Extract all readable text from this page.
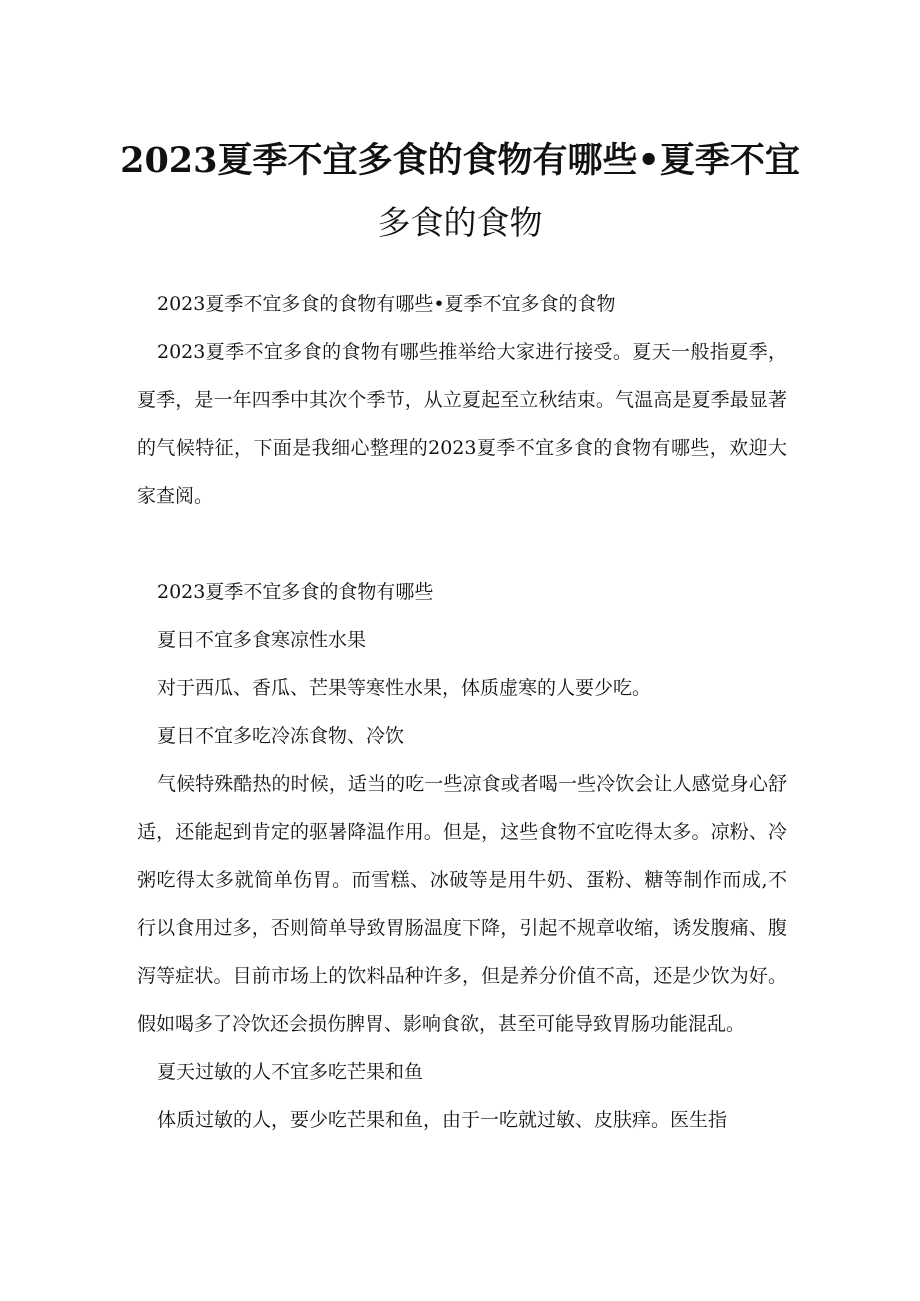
2023夏季不宜多食的食物有哪些•夏季不宜
多食的食物

2023夏季不宜多食的食物有哪些•夏季不宜多食的食物

2023夏季不宜多食的食物有哪些推举给大家进行接受。夏天一般指夏季，夏季，是一年四季中其次个季节，从立夏起至立秋结束。气温高是夏季最显著的气候特征，下面是我细心整理的2023夏季不宜多食的食物有哪些，欢迎大家查阅。

2023夏季不宜多食的食物有哪些

夏日不宜多食寒凉性水果

对于西瓜、香瓜、芒果等寒性水果，体质虚寒的人要少吃。

夏日不宜多吃冷冻食物、冷饮

气候特殊酷热的时候，适当的吃一些凉食或者喝一些冷饮会让人感觉身心舒适，还能起到肯定的驱暑降温作用。但是，这些食物不宜吃得太多。凉粉、冷粥吃得太多就简单伤胃。而雪糕、冰破等是用牛奶、蛋粉、糖等制作而成,不行以食用过多，否则简单导致胃肠温度下降，引起不规章收缩，诱发腹痛、腹泻等症状。目前市场上的饮料品种许多，但是养分价值不高，还是少饮为好。假如喝多了冷饮还会损伤脾胃、影响食欲，甚至可能导致胃肠功能混乱。

夏天过敏的人不宜多吃芒果和鱼

体质过敏的人，要少吃芒果和鱼，由于一吃就过敏、皮肤痒。医生指
